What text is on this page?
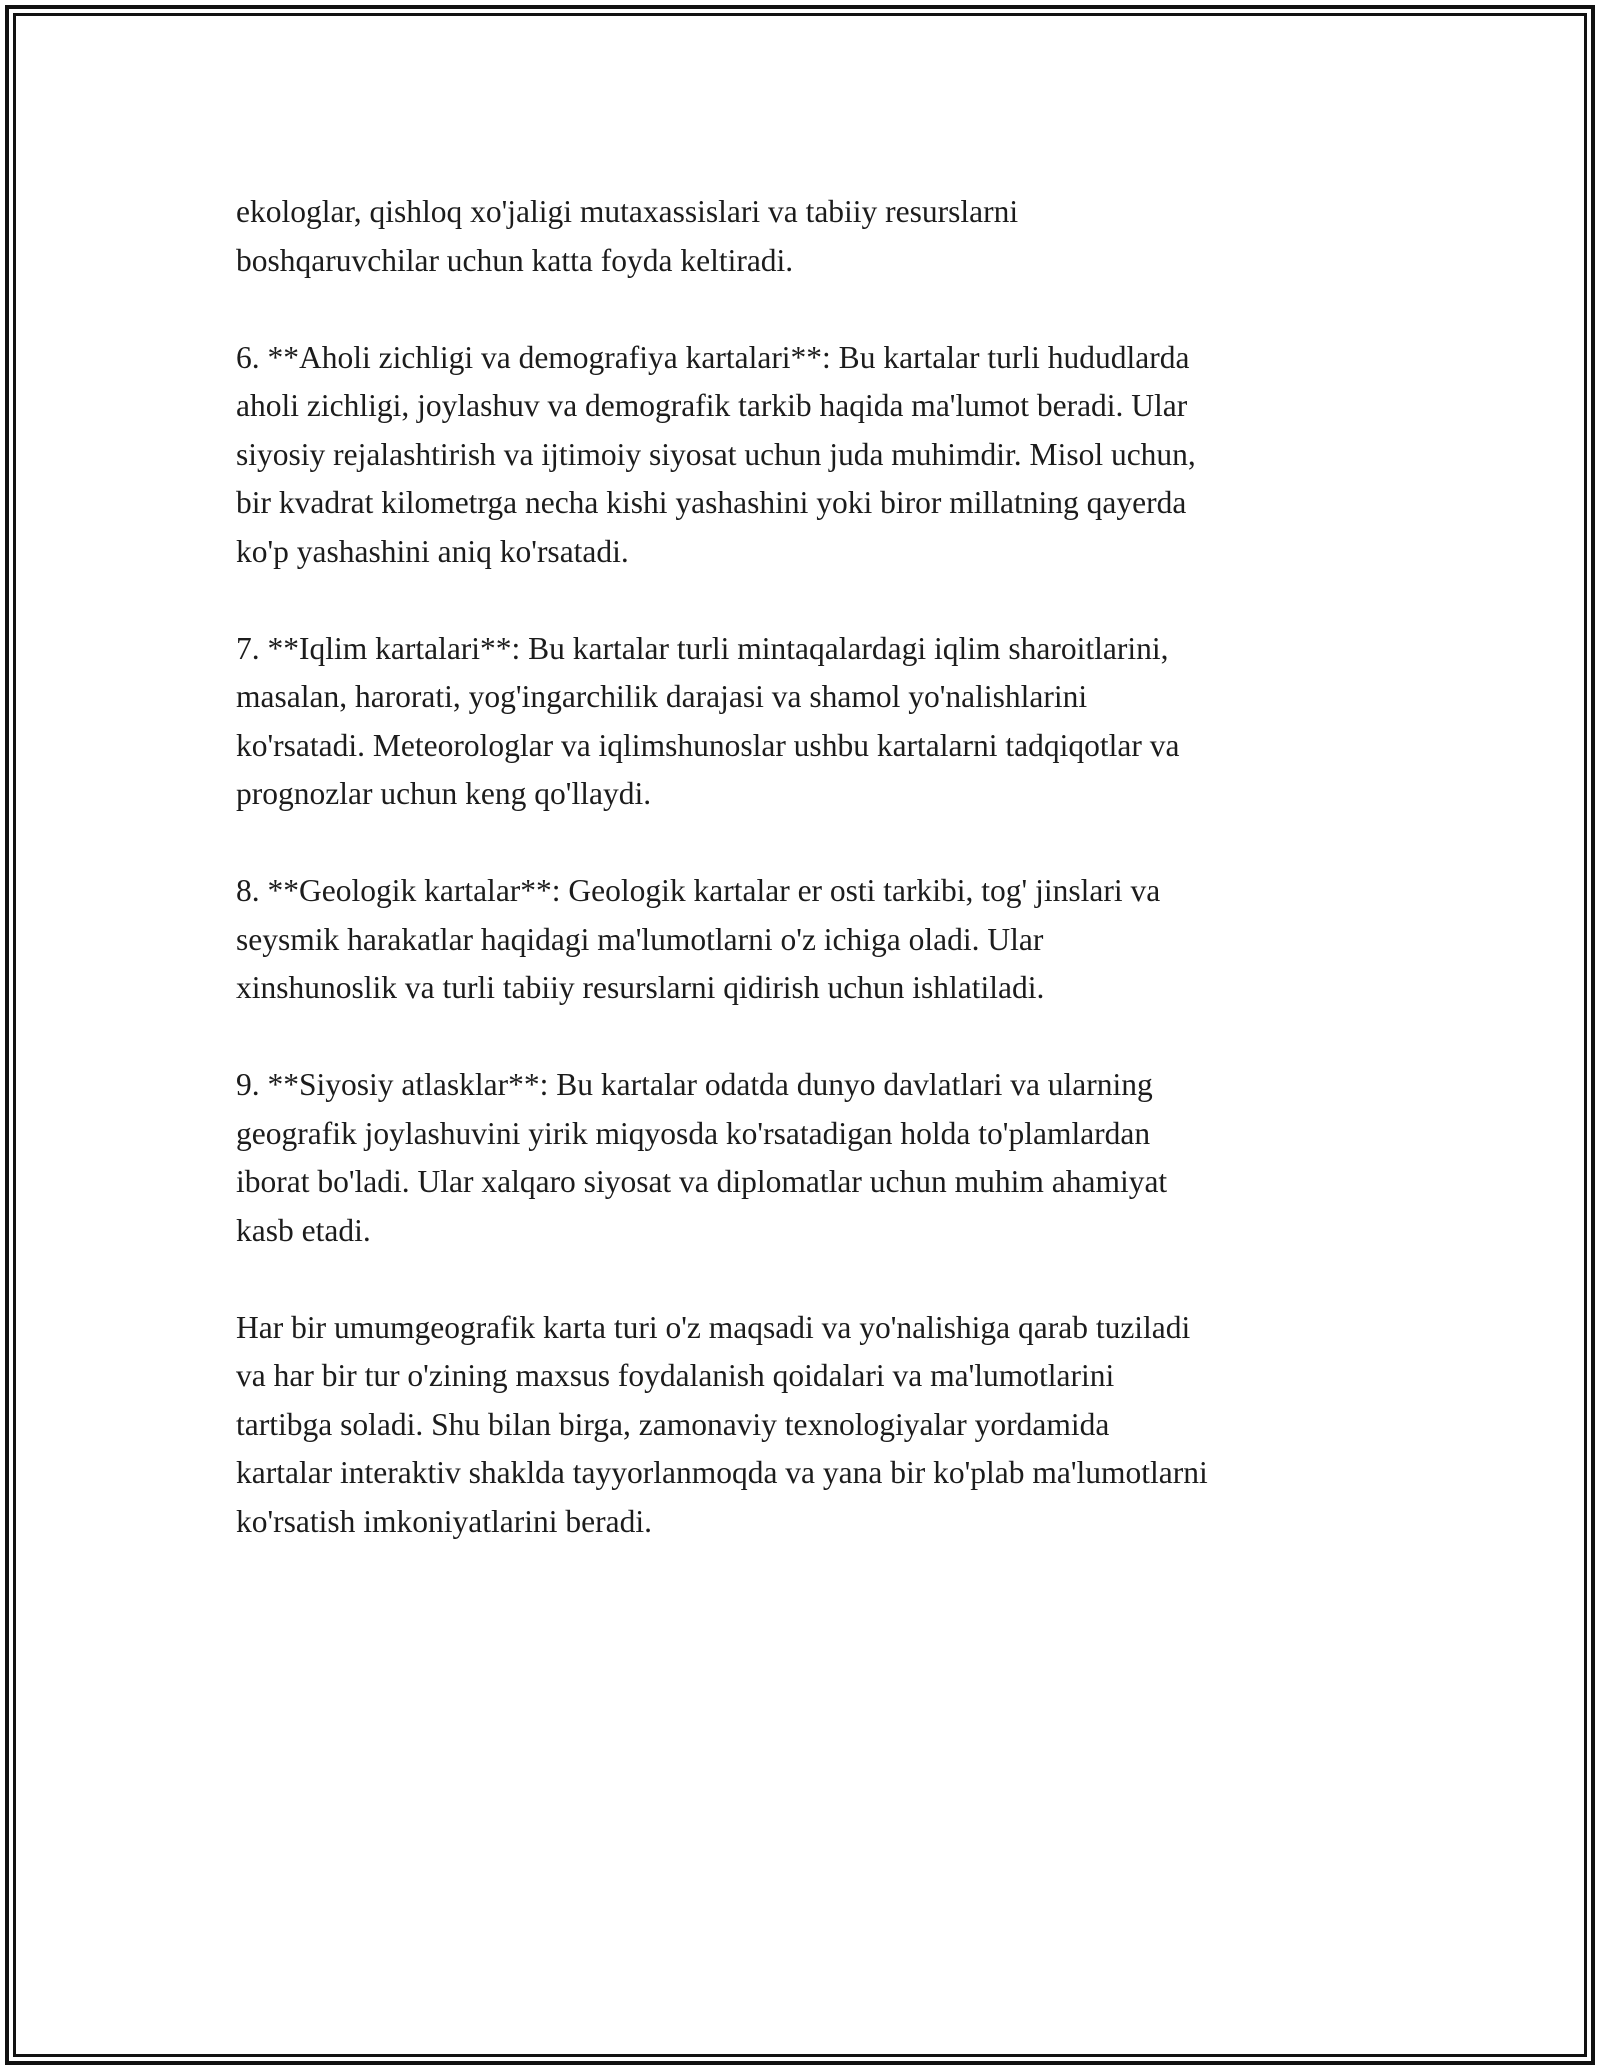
ekologlar, qishloq xo'jaligi mutaxassislari va tabiiy resurslarni
boshqaruvchilar uchun katta foyda keltiradi.

6. **Aholi zichligi va demografiya kartalari**: Bu kartalar turli hududlarda
aholi zichligi, joylashuv va demografik tarkib haqida ma'lumot beradi. Ular
siyosiy rejalashtirish va ijtimoiy siyosat uchun juda muhimdir. Misol uchun,
bir kvadrat kilometrga necha kishi yashashini yoki biror millatning qayerda
ko'p yashashini aniq ko'rsatadi.

7. **Iqlim kartalari**: Bu kartalar turli mintaqalardagi iqlim sharoitlarini,
masalan, harorati, yog'ingarchilik darajasi va shamol yo'nalishlarini
ko'rsatadi. Meteorologlar va iqlimshunoslar ushbu kartalarni tadqiqotlar va
prognozlar uchun keng qo'llaydi.

8. **Geologik kartalar**: Geologik kartalar er osti tarkibi, tog' jinslari va
seysmik harakatlar haqidagi ma'lumotlarni o'z ichiga oladi. Ular
xinshunoslik va turli tabiiy resurslarni qidirish uchun ishlatiladi.

9. **Siyosiy atlasklar**: Bu kartalar odatda dunyo davlatlari va ularning
geografik joylashuvini yirik miqyosda ko'rsatadigan holda to'plamlardan
iborat bo'ladi. Ular xalqaro siyosat va diplomatlar uchun muhim ahamiyat
kasb etadi.

Har bir umumgeografik karta turi o'z maqsadi va yo'nalishiga qarab tuziladi
va har bir tur o'zining maxsus foydalanish qoidalari va ma'lumotlarini
tartibga soladi. Shu bilan birga, zamonaviy texnologiyalar yordamida
kartalar interaktiv shaklda tayyorlanmoqda va yana bir ko'plab ma'lumotlarni
ko'rsatish imkoniyatlarini beradi.
